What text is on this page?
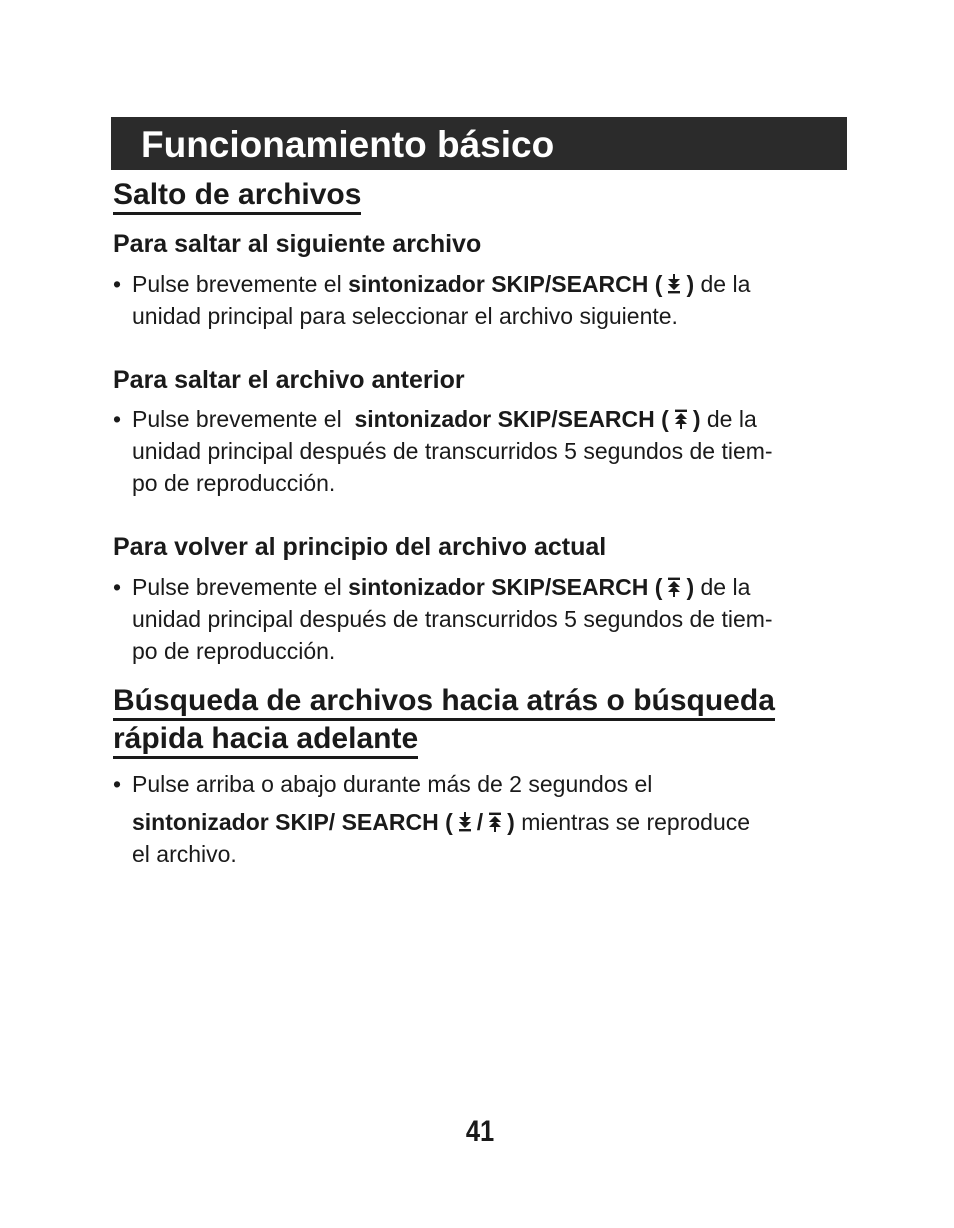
Funcionamiento básico
Salto de archivos
Para saltar al siguiente archivo
• Pulse brevemente el sintonizador SKIP/SEARCH ( ) de la
unidad principal para seleccionar el archivo siguiente.
Para saltar el archivo anterior
• Pulse brevemente el  sintonizador SKIP/SEARCH ( ) de la
unidad principal después de transcurridos 5 segundos de tiem-
po de reproducción.
Para volver al principio del archivo actual
• Pulse brevemente el sintonizador SKIP/SEARCH ( ) de la
unidad principal después de transcurridos 5 segundos de tiem-
po de reproducción.
Búsqueda de archivos hacia atrás o búsqueda
rápida hacia adelante
• Pulse arriba o abajo durante más de 2 segundos el

sintonizador SKIP/ SEARCH ( / ) mientras se reproduce
el archivo.
41
